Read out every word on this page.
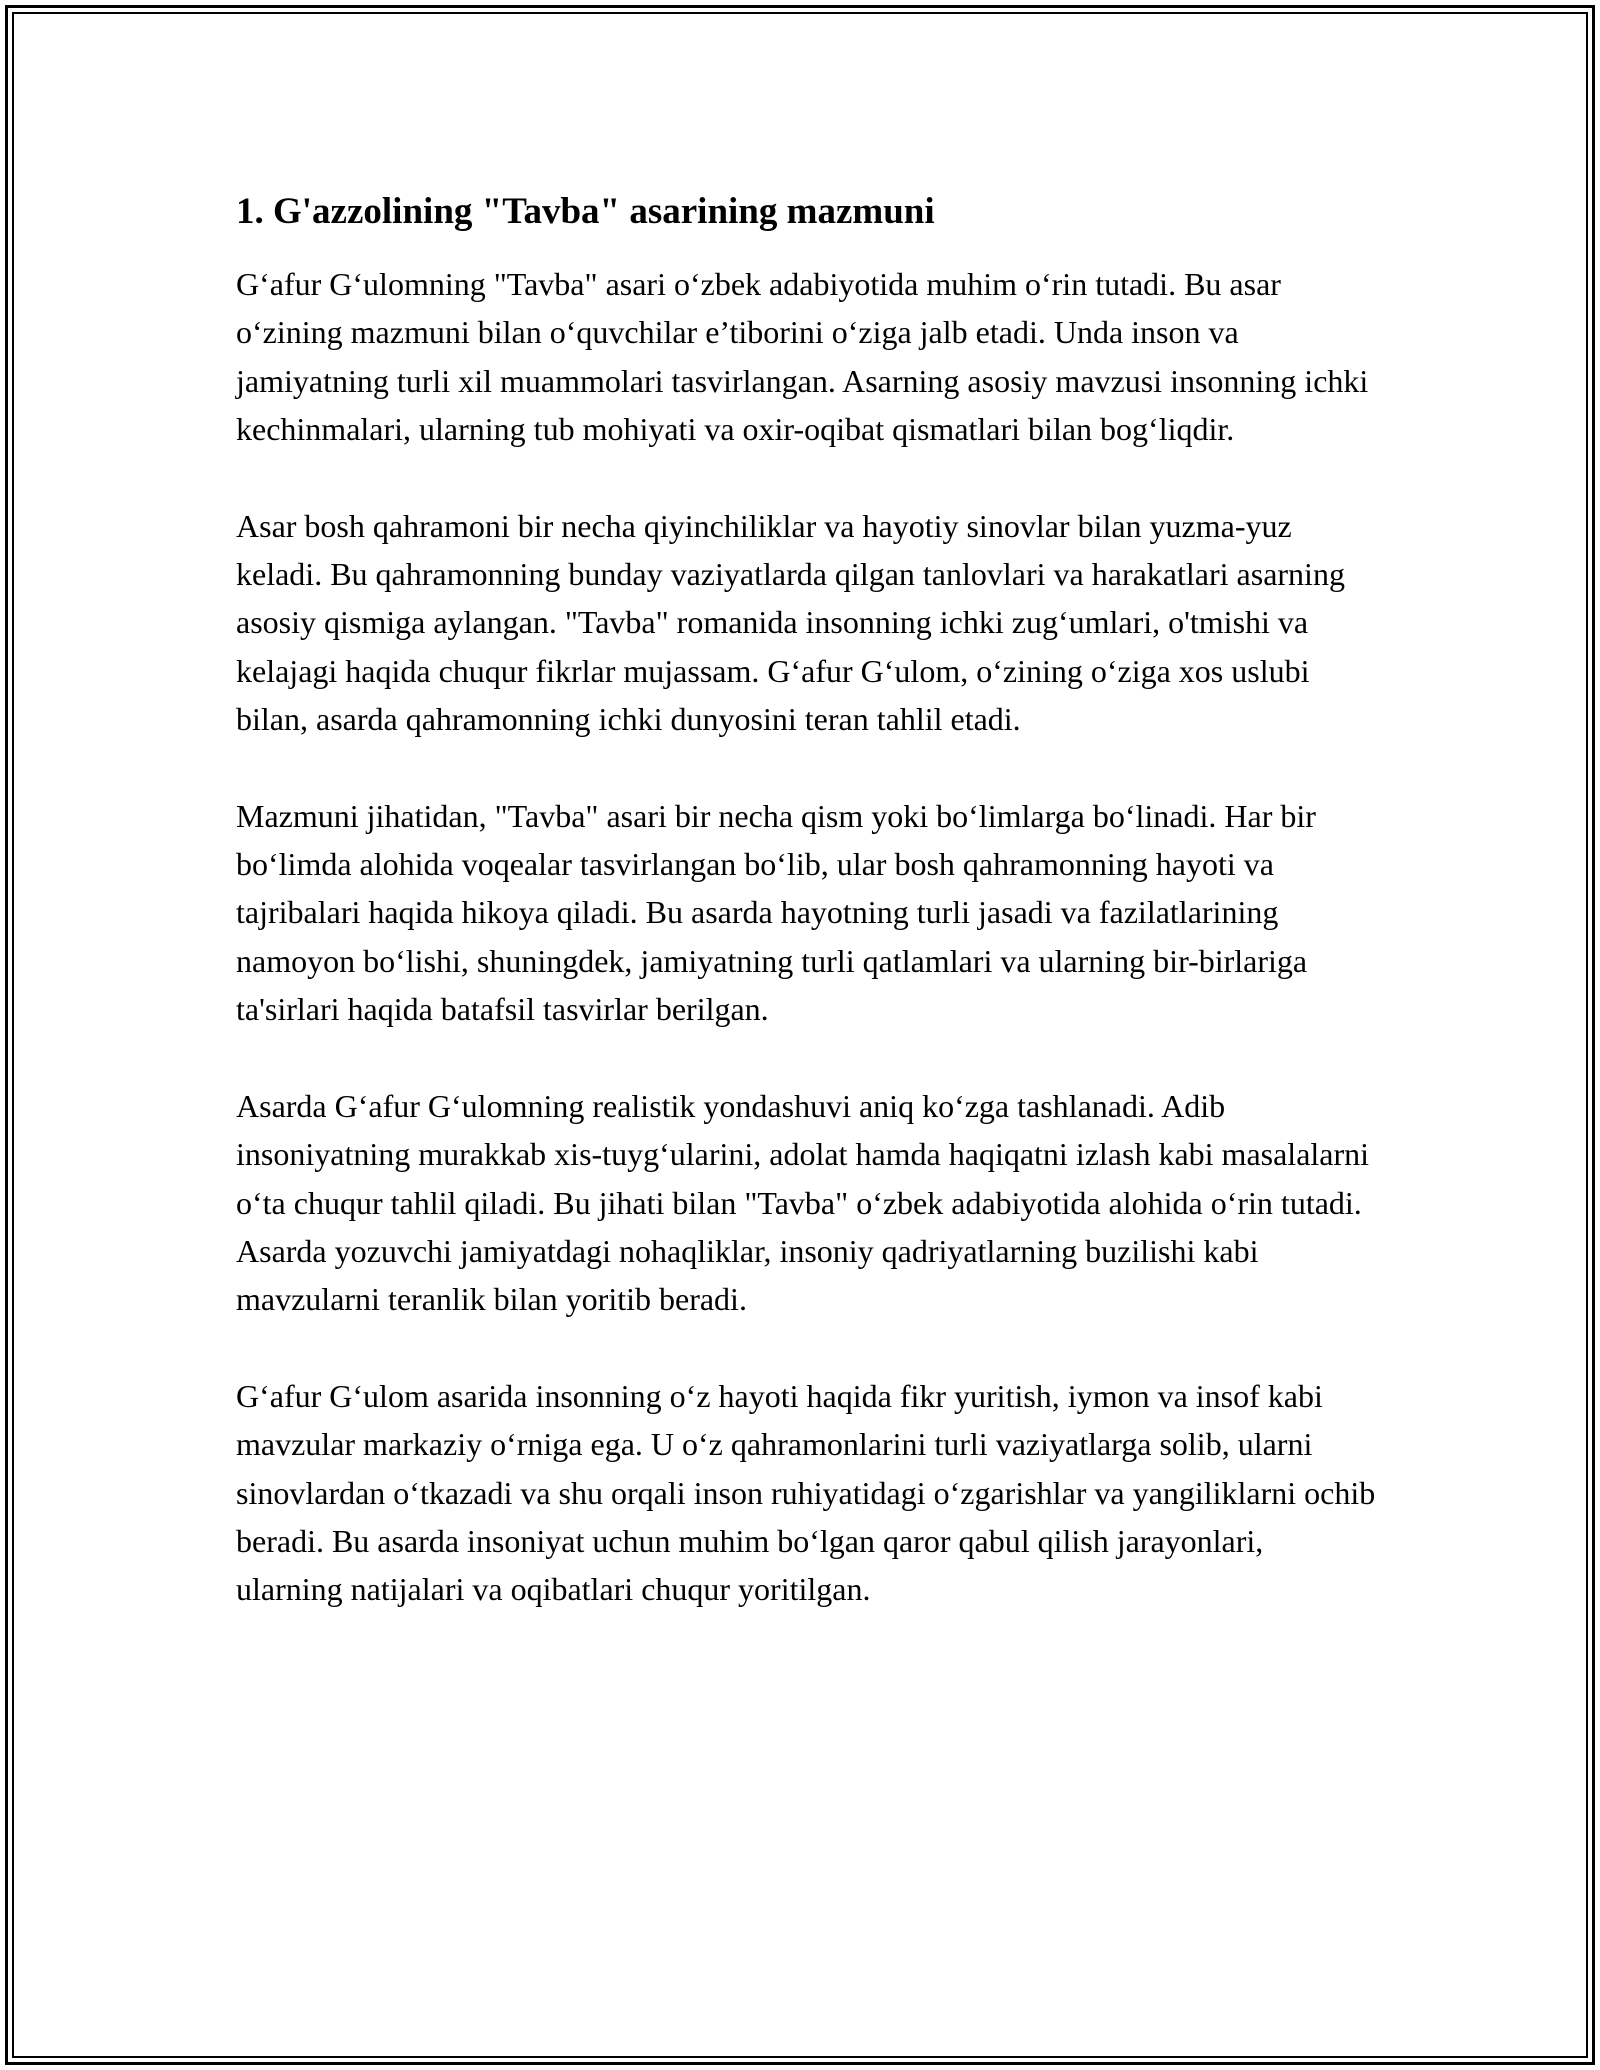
1. G'azzolining "Tavba" asarining mazmuni

G‘afur G‘ulomning "Tavba" asari o‘zbek adabiyotida muhim o‘rin tutadi. Bu asar o‘zining mazmuni bilan o‘quvchilar e’tiborini o‘ziga jalb etadi. Unda inson va jamiyatning turli xil muammolari tasvirlangan. Asarning asosiy mavzusi insonning ichki kechinmalari, ularning tub mohiyati va oxir-oqibat qismatlari bilan bog‘liqdir.

Asar bosh qahramoni bir necha qiyinchiliklar va hayotiy sinovlar bilan yuzma-yuz keladi. Bu qahramonning bunday vaziyatlarda qilgan tanlovlari va harakatlari asarning asosiy qismiga aylangan. "Tavba" romanida insonning ichki zug‘umlari, o'tmishi va kelajagi haqida chuqur fikrlar mujassam. G‘afur G‘ulom, o‘zining o‘ziga xos uslubi bilan, asarda qahramonning ichki dunyosini teran tahlil etadi.

Mazmuni jihatidan, "Tavba" asari bir necha qism yoki bo‘limlarga bo‘linadi. Har bir bo‘limda alohida voqealar tasvirlangan bo‘lib, ular bosh qahramonning hayoti va tajribalari haqida hikoya qiladi. Bu asarda hayotning turli jasadi va fazilatlarining namoyon bo‘lishi, shuningdek, jamiyatning turli qatlamlari va ularning bir-birlariga ta'sirlari haqida batafsil tasvirlar berilgan.

Asarda G‘afur G‘ulomning realistik yondashuvi aniq ko‘zga tashlanadi. Adib insoniyatning murakkab xis-tuyg‘ularini, adolat hamda haqiqatni izlash kabi masalalarni o‘ta chuqur tahlil qiladi. Bu jihati bilan "Tavba" o‘zbek adabiyotida alohida o‘rin tutadi. Asarda yozuvchi jamiyatdagi nohaqliklar, insoniy qadriyatlarning buzilishi kabi mavzularni teranlik bilan yoritib beradi.

G‘afur G‘ulom asarida insonning o‘z hayoti haqida fikr yuritish, iymon va insof kabi mavzular markaziy o‘rniga ega. U o‘z qahramonlarini turli vaziyatlarga solib, ularni sinovlardan o‘tkazadi va shu orqali inson ruhiyatidagi o‘zgarishlar va yangiliklarni ochib beradi. Bu asarda insoniyat uchun muhim bo‘lgan qaror qabul qilish jarayonlari, ularning natijalari va oqibatlari chuqur yoritilgan.
